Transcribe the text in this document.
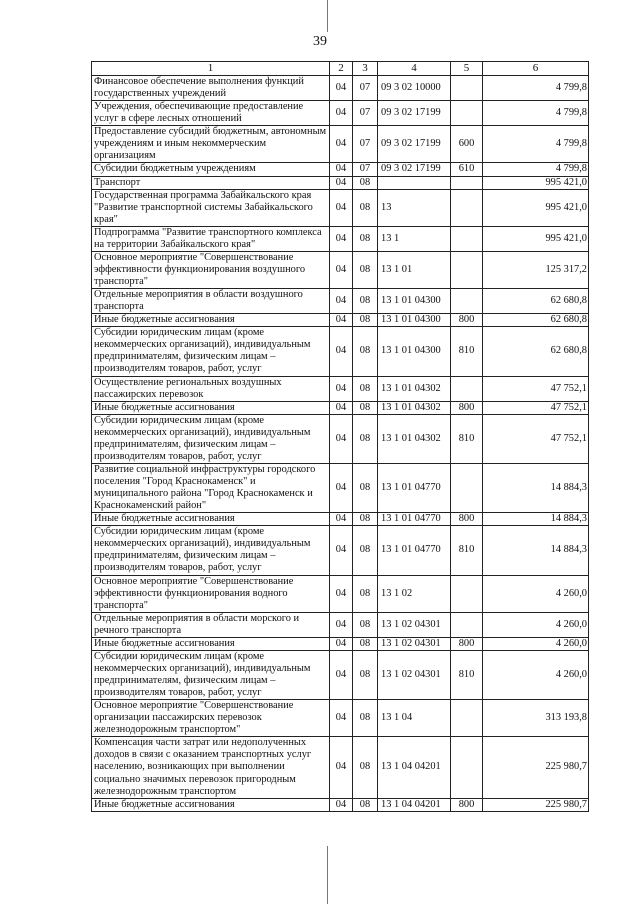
39
1	2	3	4	5	6
Финансовое обеспечение выполнения функций государственных учреждений	04	07	09 3 02 10000		4 799,8
Учреждения, обеспечивающие предоставление услуг в сфере лесных отношений	04	07	09 3 02 17199		4 799,8
Предоставление субсидий бюджетным, автономным учреждениям и иным некоммерческим организациям	04	07	09 3 02 17199	600	4 799,8
Субсидии бюджетным учреждениям	04	07	09 3 02 17199	610	4 799,8
Транспорт	04	08			995 421,0
Государственная программа Забайкальского края "Развитие транспортной системы Забайкальского края"	04	08	13		995 421,0
Подпрограмма "Развитие транспортного комплекса на территории Забайкальского края"	04	08	13 1		995 421,0
Основное мероприятие "Совершенствование эффективности функционирования воздушного транспорта"	04	08	13 1 01		125 317,2
Отдельные мероприятия в области воздушного транспорта	04	08	13 1 01 04300		62 680,8
Иные бюджетные ассигнования	04	08	13 1 01 04300	800	62 680,8
Субсидии юридическим лицам (кроме некоммерческих организаций), индивидуальным предпринимателям, физическим лицам – производителям товаров, работ, услуг	04	08	13 1 01 04300	810	62 680,8
Осуществление региональных воздушных пассажирских перевозок	04	08	13 1 01 04302		47 752,1
Иные бюджетные ассигнования	04	08	13 1 01 04302	800	47 752,1
Субсидии юридическим лицам (кроме некоммерческих организаций), индивидуальным предпринимателям, физическим лицам – производителям товаров, работ, услуг	04	08	13 1 01 04302	810	47 752,1
Развитие социальной инфраструктуры городского поселения "Город Краснокаменск" и муниципального района "Город Краснокаменск и Краснокаменский район"	04	08	13 1 01 04770		14 884,3
Иные бюджетные ассигнования	04	08	13 1 01 04770	800	14 884,3
Субсидии юридическим лицам (кроме некоммерческих организаций), индивидуальным предпринимателям, физическим лицам – производителям товаров, работ, услуг	04	08	13 1 01 04770	810	14 884,3
Основное мероприятие "Совершенствование эффективности функционирования водного транспорта"	04	08	13 1 02		4 260,0
Отдельные мероприятия в области морского и речного транспорта	04	08	13 1 02 04301		4 260,0
Иные бюджетные ассигнования	04	08	13 1 02 04301	800	4 260,0
Субсидии юридическим лицам (кроме некоммерческих организаций), индивидуальным предпринимателям, физическим лицам – производителям товаров, работ, услуг	04	08	13 1 02 04301	810	4 260,0
Основное мероприятие "Совершенствование организации пассажирских перевозок железнодорожным транспортом"	04	08	13 1 04		313 193,8
Компенсация части затрат или недополученных доходов в связи с оказанием транспортных услуг населению, возникающих при выполнении социально значимых перевозок пригородным железнодорожным транспортом	04	08	13 1 04 04201		225 980,7
Иные бюджетные ассигнования	04	08	13 1 04 04201	800	225 980,7
